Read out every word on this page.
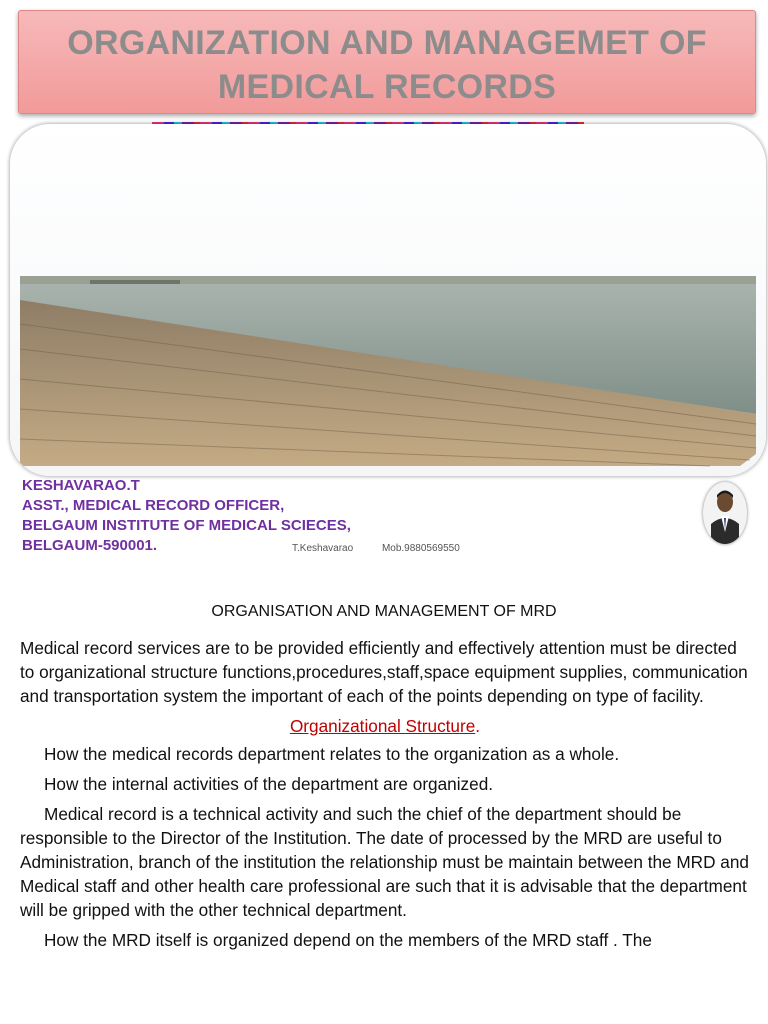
ORGANIZATION AND MANAGEMET OF
MEDICAL RECORDS
KESHAVARAO.T
ASST., MEDICAL RECORD OFFICER,
BELGAUM INSTITUTE OF MEDICAL SCIECES,
BELGAUM-590001.	T.Keshavarao	Mob.9880569550
ORGANISATION AND MANAGEMENT OF MRD

Medical record services are to be provided efficiently and effectively attention must be directed to organizational structure functions,procedures,staff,space equipment supplies, communication and transportation system the important of each of the points depending on type of facility.

Organizational Structure.

How the medical records department relates to the organization as a whole.

How the internal activities of the department are organized.

Medical record is a technical activity and such the chief of the department should be responsible to the Director of the Institution. The date of processed by the MRD are useful to Administration, branch of the institution the relationship must be maintain between the MRD and Medical staff and other health care professional are such that it is advisable that the department will be gripped with the other technical department.

How the MRD itself is organized depend on the members of the MRD staff . The
